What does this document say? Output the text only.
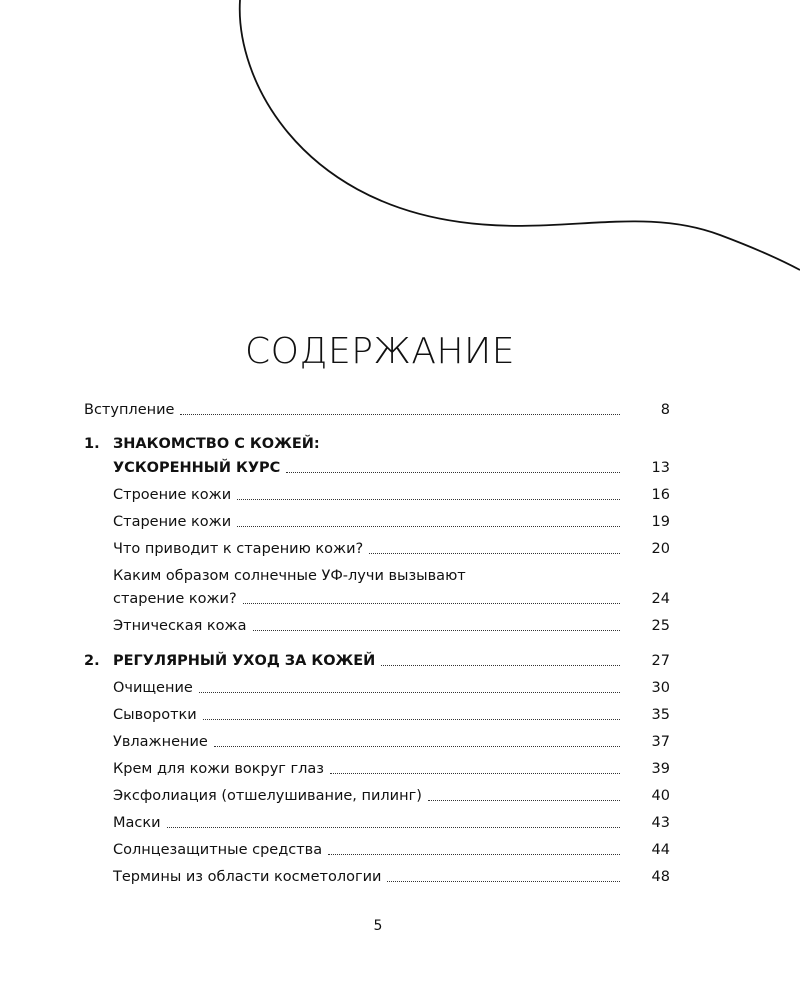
СОДЕРЖАНИЕ
Вступление	8
1. ЗНАКОМСТВО С КОЖЕЙ:
УСКОРЕННЫЙ КУРС	13
Строение кожи	16
Старение кожи	19
Что приводит к старению кожи?	20
Каким образом солнечные УФ-лучи вызывают
старение кожи?	24
Этническая кожа	25
2. РЕГУЛЯРНЫЙ УХОД ЗА КОЖЕЙ	27
Очищение	30
Сыворотки	35
Увлажнение	37
Крем для кожи вокруг глаз	39
Эксфолиация (отшелушивание, пилинг)	40
Маски	43
Солнцезащитные средства	44
Термины из области косметологии	48
5
